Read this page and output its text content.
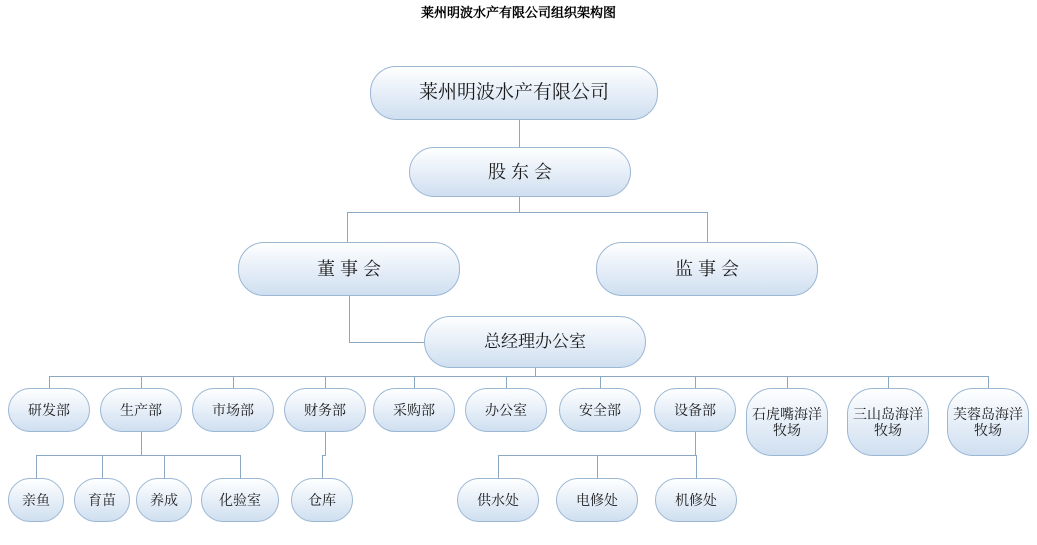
莱州明波水产有限公司组织架构图
莱州明波水产有限公司
股 东 会
董 事 会	监 事 会
总经理办公室
研发部	生产部	市场部	财务部	采购部	办公室	安全部	设备部	石虎嘴海洋牧场
三山岛海洋牧场
芙蓉岛海洋牧场
亲鱼	育苗 养成	化验室	仓库	供水处	电修处	机修处
